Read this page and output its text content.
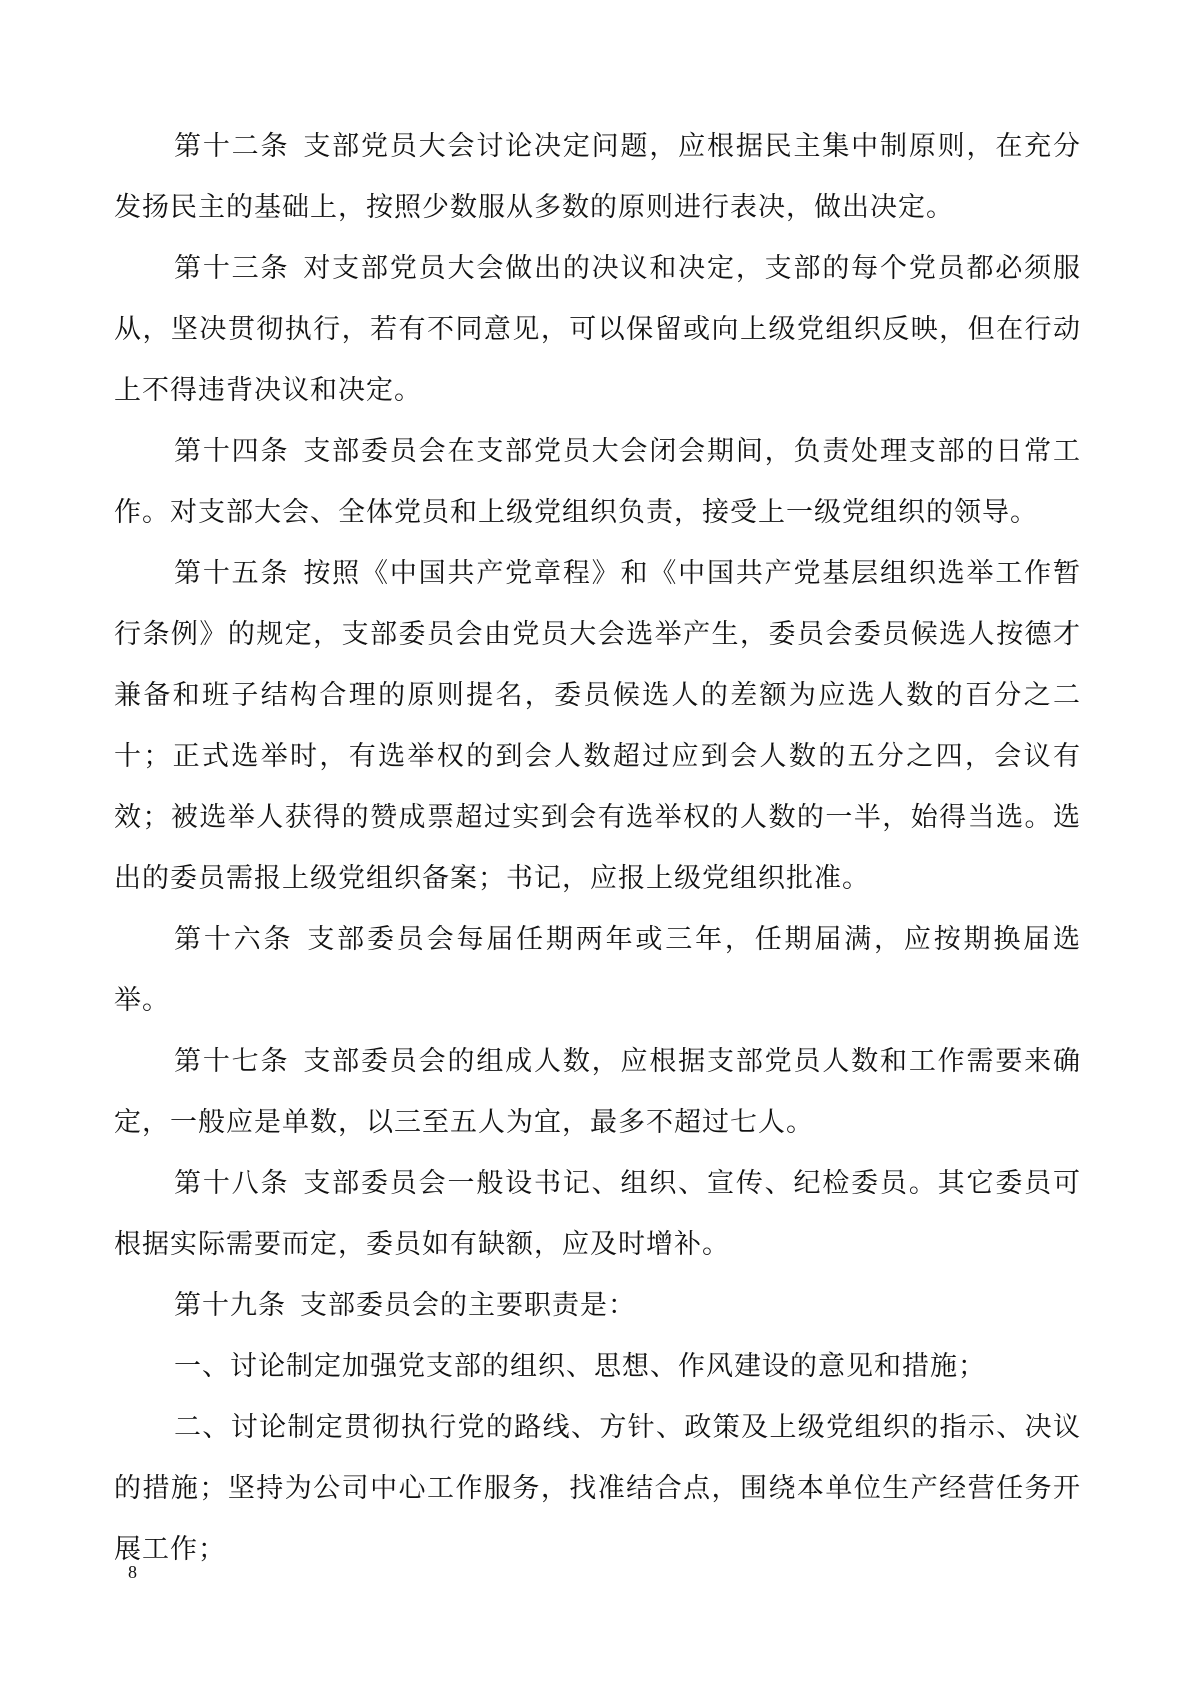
第十二条 支部党员大会讨论决定问题，应根据民主集中制原则，在充分发扬民主的基础上，按照少数服从多数的原则进行表决，做出决定。

第十三条 对支部党员大会做出的决议和决定，支部的每个党员都必须服从，坚决贯彻执行，若有不同意见，可以保留或向上级党组织反映，但在行动上不得违背决议和决定。

第十四条 支部委员会在支部党员大会闭会期间，负责处理支部的日常工作。对支部大会、全体党员和上级党组织负责，接受上一级党组织的领导。

第十五条 按照《中国共产党章程》和《中国共产党基层组织选举工作暂行条例》的规定，支部委员会由党员大会选举产生，委员会委员候选人按德才兼备和班子结构合理的原则提名，委员候选人的差额为应选人数的百分之二十；正式选举时，有选举权的到会人数超过应到会人数的五分之四，会议有效；被选举人获得的赞成票超过实到会有选举权的人数的一半，始得当选。选出的委员需报上级党组织备案；书记，应报上级党组织批准。

第十六条 支部委员会每届任期两年或三年，任期届满，应按期换届选举。

第十七条 支部委员会的组成人数，应根据支部党员人数和工作需要来确定，一般应是单数，以三至五人为宜，最多不超过七人。

第十八条 支部委员会一般设书记、组织、宣传、纪检委员。其它委员可根据实际需要而定，委员如有缺额，应及时增补。

第十九条 支部委员会的主要职责是：

一、讨论制定加强党支部的组织、思想、作风建设的意见和措施；

二、讨论制定贯彻执行党的路线、方针、政策及上级党组织的指示、决议的措施；坚持为公司中心工作服务，找准结合点，围绕本单位生产经营任务开展工作；

8
